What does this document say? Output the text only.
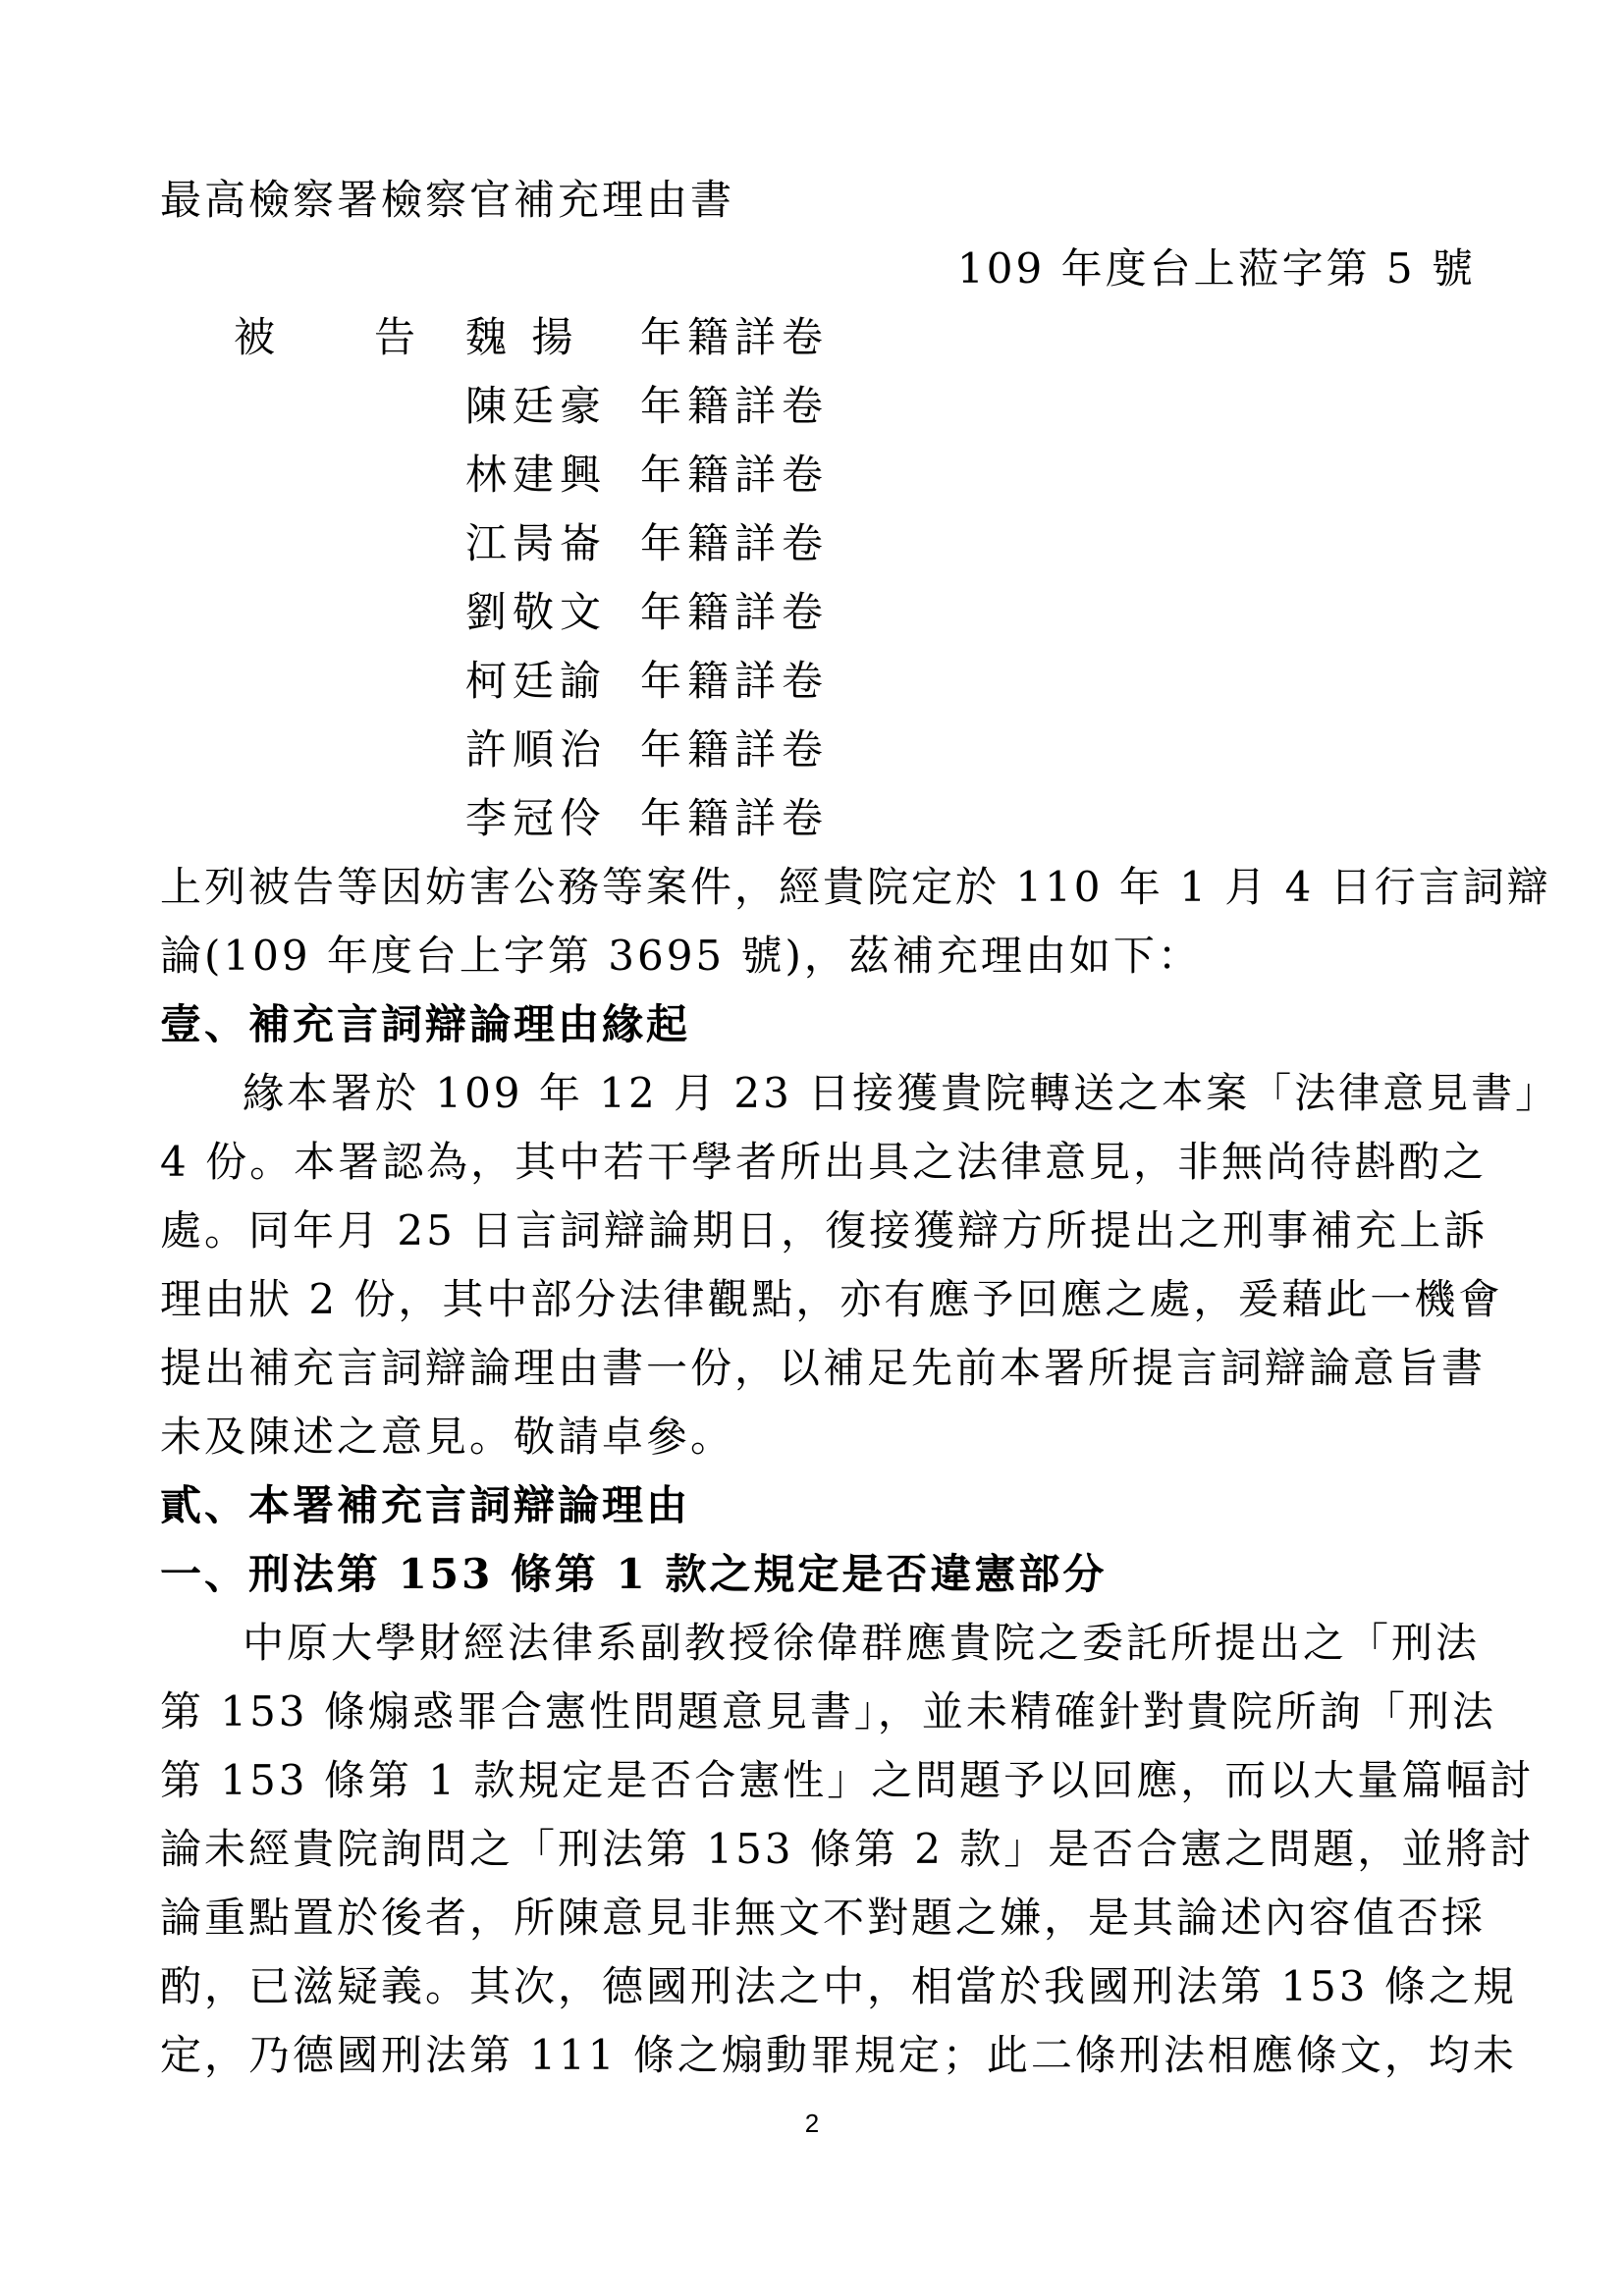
最高檢察署檢察官補充理由書
109 年度台上蒞字第 5 號
被 告 魏 揚 年籍詳卷
陳廷豪 年籍詳卷
林建興 年籍詳卷
江昺崙 年籍詳卷
劉敬文 年籍詳卷
柯廷諭 年籍詳卷
許順治 年籍詳卷
李冠伶 年籍詳卷
上列被告等因妨害公務等案件，經貴院定於 110 年 1 月 4 日行言詞辯
論(109 年度台上字第 3695 號)，茲補充理由如下：
壹、補充言詞辯論理由緣起
緣本署於 109 年 12 月 23 日接獲貴院轉送之本案「法律意見書」
4 份。本署認為，其中若干學者所出具之法律意見，非無尚待斟酌之
處。同年月 25 日言詞辯論期日，復接獲辯方所提出之刑事補充上訴
理由狀 2 份，其中部分法律觀點，亦有應予回應之處，爰藉此一機會
提出補充言詞辯論理由書一份，以補足先前本署所提言詞辯論意旨書
未及陳述之意見。敬請卓參。
貳、本署補充言詞辯論理由
一、刑法第 153 條第 1 款之規定是否違憲部分
中原大學財經法律系副教授徐偉群應貴院之委託所提出之「刑法
第 153 條煽惑罪合憲性問題意見書」，並未精確針對貴院所詢「刑法
第 153 條第 1 款規定是否合憲性」之問題予以回應，而以大量篇幅討
論未經貴院詢問之「刑法第 153 條第 2 款」是否合憲之問題，並將討
論重點置於後者，所陳意見非無文不對題之嫌，是其論述內容值否採
酌，已滋疑義。其次，德國刑法之中，相當於我國刑法第 153 條之規
定，乃德國刑法第 111 條之煽動罪規定；此二條刑法相應條文，均未
2
